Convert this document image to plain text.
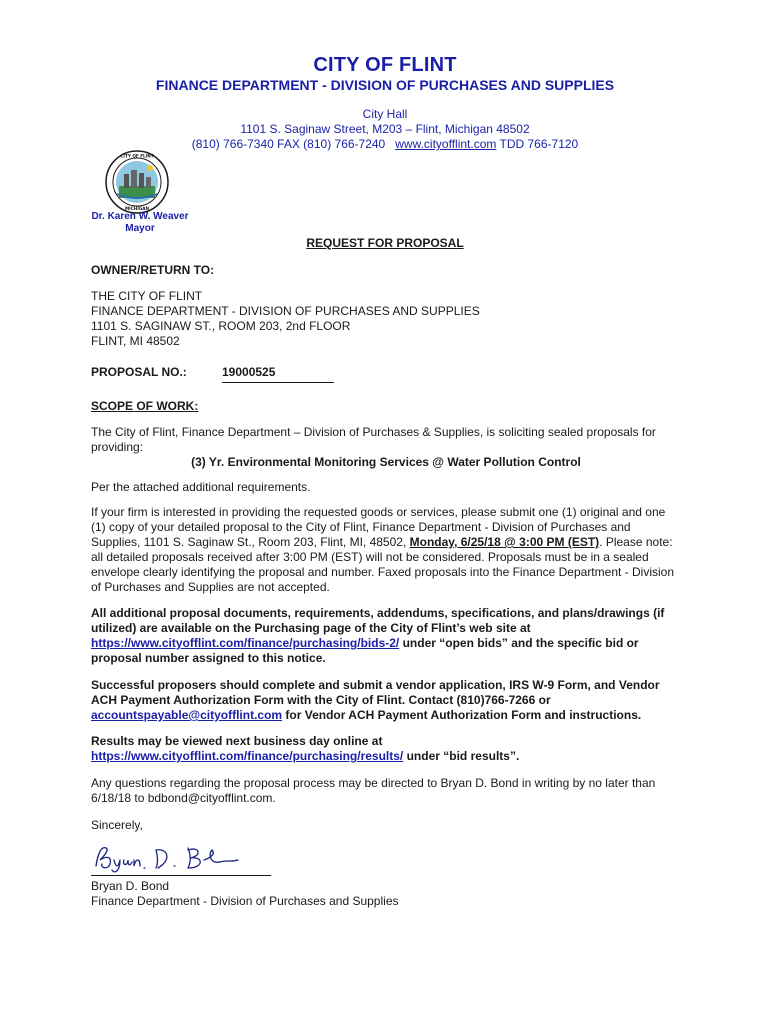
CITY OF FLINT
FINANCE DEPARTMENT - DIVISION OF PURCHASES AND SUPPLIES
City Hall
1101 S. Saginaw Street, M203 – Flint, Michigan 48502
(810) 766-7340 FAX (810) 766-7240 www.cityofflint.com TDD 766-7120
CITY OF FLINT
MICHIGAN
Dr. Karen W. Weaver
Mayor
REQUEST FOR PROPOSAL
OWNER/RETURN TO:
THE CITY OF FLINT
FINANCE DEPARTMENT - DIVISION OF PURCHASES AND SUPPLIES
1101 S. SAGINAW ST., ROOM 203, 2nd FLOOR
FLINT, MI 48502
PROPOSAL NO.:	19000525
SCOPE OF WORK:
The City of Flint, Finance Department – Division of Purchases & Supplies, is soliciting sealed proposals for providing:
(3) Yr. Environmental Monitoring Services @ Water Pollution Control
Per the attached additional requirements.
If your firm is interested in providing the requested goods or services, please submit one (1) original and one (1) copy of your detailed proposal to the City of Flint, Finance Department - Division of Purchases and Supplies, 1101 S. Saginaw St., Room 203, Flint, MI, 48502, Monday, 6/25/18 @ 3:00 PM (EST). Please note: all detailed proposals received after 3:00 PM (EST) will not be considered. Proposals must be in a sealed envelope clearly identifying the proposal and number. Faxed proposals into the Finance Department - Division of Purchases and Supplies are not accepted.
All additional proposal documents, requirements, addendums, specifications, and plans/drawings (if utilized) are available on the Purchasing page of the City of Flint’s web site at https://www.cityofflint.com/finance/purchasing/bids-2/ under “open bids” and the specific bid or proposal number assigned to this notice.
Successful proposers should complete and submit a vendor application, IRS W-9 Form, and Vendor ACH Payment Authorization Form with the City of Flint. Contact (810)766-7266 or accountspayable@cityofflint.com for Vendor ACH Payment Authorization Form and instructions.
Results may be viewed next business day online at
https://www.cityofflint.com/finance/purchasing/results/ under “bid results”.
Any questions regarding the proposal process may be directed to Bryan D. Bond in writing by no later than 6/18/18 to bdbond@cityofflint.com.
Sincerely,
Bryan D. Bond
Finance Department - Division of Purchases and Supplies
